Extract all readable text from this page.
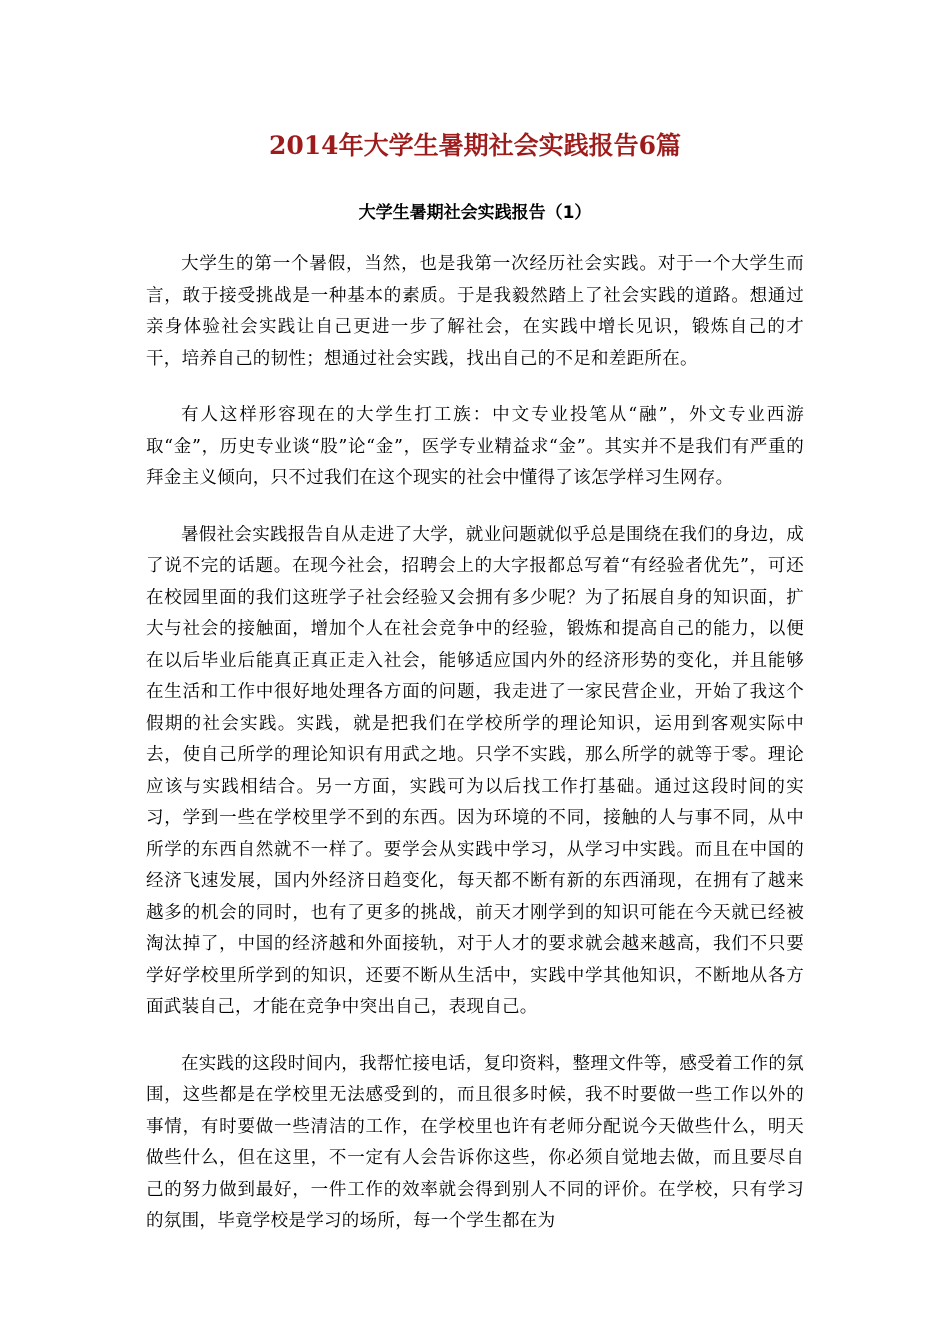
2014年大学生暑期社会实践报告6篇
大学生暑期社会实践报告（1）

大学生的第一个暑假，当然，也是我第一次经历社会实践。对于一个大学生而言，敢于接受挑战是一种基本的素质。于是我毅然踏上了社会实践的道路。想通过亲身体验社会实践让自己更进一步了解社会，在实践中增长见识，锻炼自己的才干，培养自己的韧性；想通过社会实践，找出自己的不足和差距所在。

有人这样形容现在的大学生打工族：中文专业投笔从“融”，外文专业西游取“金”，历史专业谈“股”论“金”，医学专业精益求“金”。其实并不是我们有严重的拜金主义倾向，只不过我们在这个现实的社会中懂得了该怎学样习生网存。

暑假社会实践报告自从走进了大学，就业问题就似乎总是围绕在我们的身边，成了说不完的话题。在现今社会，招聘会上的大字报都总写着“有经验者优先”，可还在校园里面的我们这班学子社会经验又会拥有多少呢？为了拓展自身的知识面，扩大与社会的接触面，增加个人在社会竞争中的经验，锻炼和提高自己的能力，以便在以后毕业后能真正真正走入社会，能够适应国内外的经济形势的变化，并且能够在生活和工作中很好地处理各方面的问题，我走进了一家民营企业，开始了我这个假期的社会实践。实践，就是把我们在学校所学的理论知识，运用到客观实际中去，使自己所学的理论知识有用武之地。只学不实践，那么所学的就等于零。理论应该与实践相结合。另一方面，实践可为以后找工作打基础。通过这段时间的实习，学到一些在学校里学不到的东西。因为环境的不同，接触的人与事不同，从中所学的东西自然就不一样了。要学会从实践中学习，从学习中实践。而且在中国的经济飞速发展，国内外经济日趋变化，每天都不断有新的东西涌现，在拥有了越来越多的机会的同时，也有了更多的挑战，前天才刚学到的知识可能在今天就已经被淘汰掉了，中国的经济越和外面接轨，对于人才的要求就会越来越高，我们不只要学好学校里所学到的知识，还要不断从生活中，实践中学其他知识，不断地从各方面武装自己，才能在竞争中突出自己，表现自己。

在实践的这段时间内，我帮忙接电话，复印资料，整理文件等，感受着工作的氛围，这些都是在学校里无法感受到的，而且很多时候，我不时要做一些工作以外的事情，有时要做一些清洁的工作，在学校里也许有老师分配说今天做些什么，明天做些什么，但在这里，不一定有人会告诉你这些，你必须自觉地去做，而且要尽自己的努力做到最好，一件工作的效率就会得到别人不同的评价。在学校，只有学习的氛围，毕竟学校是学习的场所，每一个学生都在为
